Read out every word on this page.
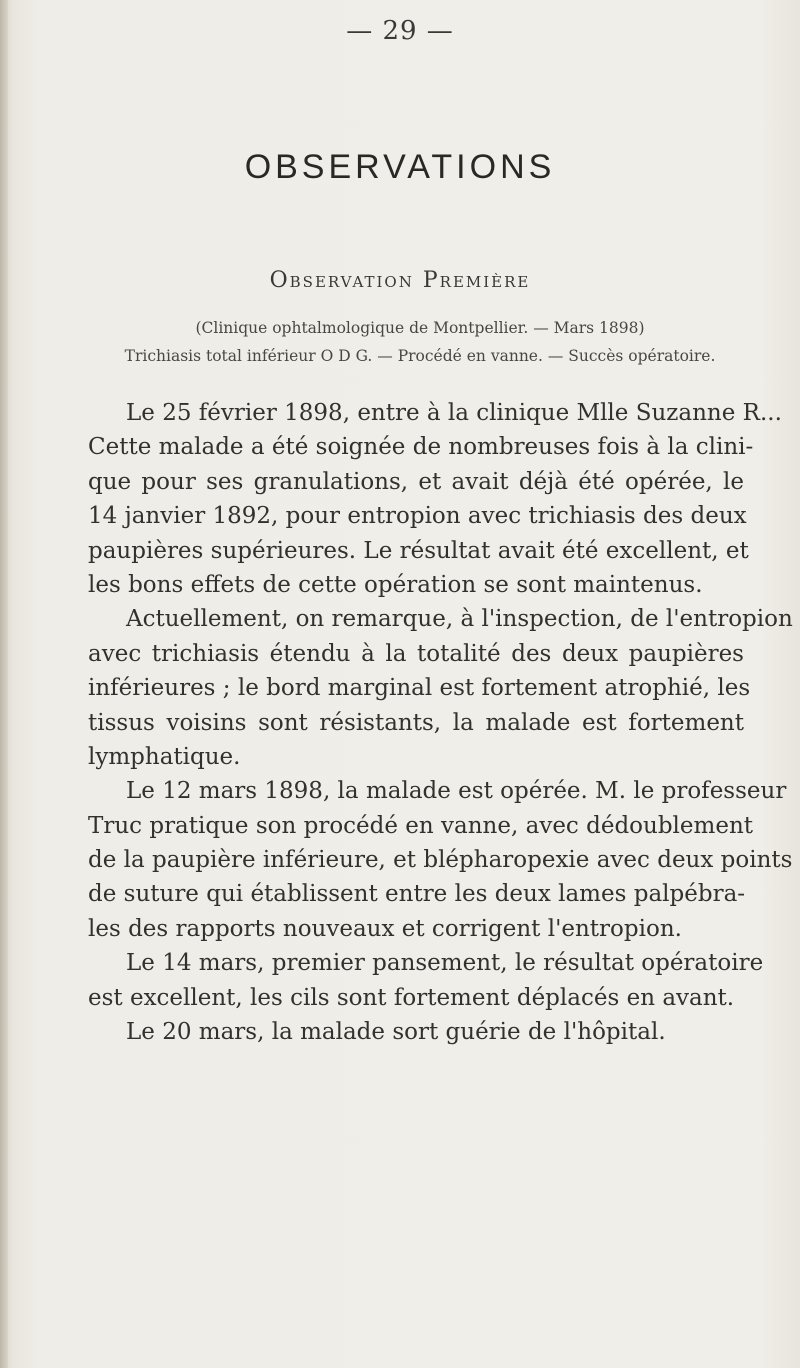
— 29 —
OBSERVATIONS
Observation Première
(Clinique ophtalmologique de Montpellier. — Mars 1898)
Trichiasis total inférieur O D G. — Procédé en vanne. — Succès opératoire.
Le 25 février 1898, entre à la clinique Mlle Suzanne R...
Cette malade a été soignée de nombreuses fois à la clini-
que pour ses granulations, et avait déjà été opérée, le
14 janvier 1892, pour entropion avec trichiasis des deux
paupières supérieures. Le résultat avait été excellent, et
les bons effets de cette opération se sont maintenus.
Actuellement, on remarque, à l'inspection, de l'entropion
avec trichiasis étendu à la totalité des deux paupières
inférieures ; le bord marginal est fortement atrophié, les
tissus voisins sont résistants, la malade est fortement
lymphatique.
Le 12 mars 1898, la malade est opérée. M. le professeur
Truc pratique son procédé en vanne, avec dédoublement
de la paupière inférieure, et blépharopexie avec deux points
de suture qui établissent entre les deux lames palpébra-
les des rapports nouveaux et corrigent l'entropion.
Le 14 mars, premier pansement, le résultat opératoire
est excellent, les cils sont fortement déplacés en avant.
Le 20 mars, la malade sort guérie de l'hôpital.
